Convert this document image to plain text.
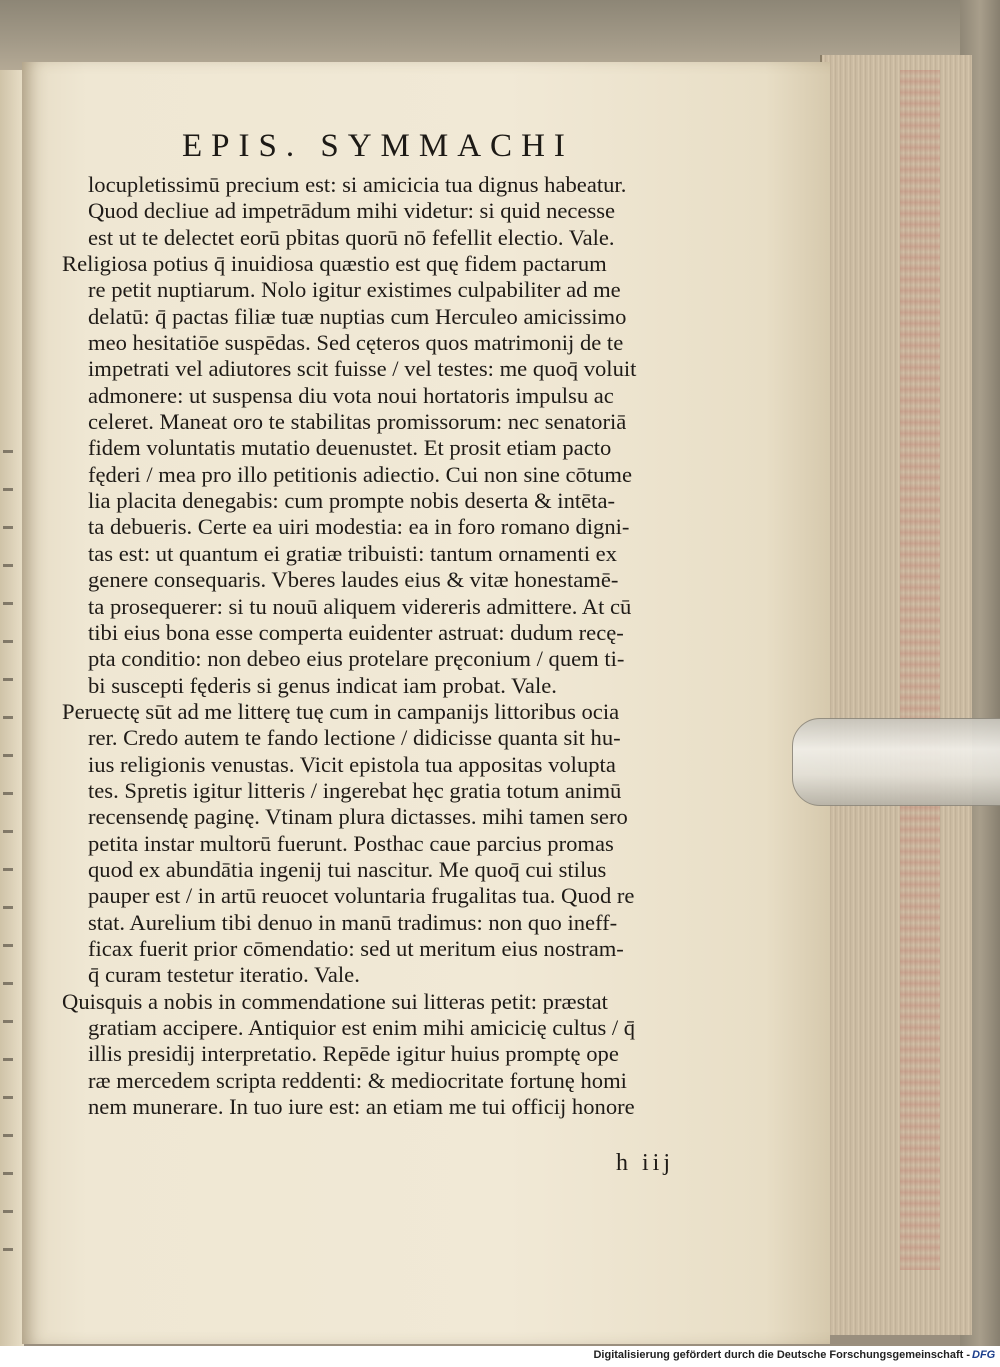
EPIS. SYMMACHI
locupletissimū precium est: si amicicia tua dignus habeatur.
Quod decliue ad impetrādum mihi videtur: si quid necesse
est ut te delectet eorū pbitas quorū nō fefellit electio. Vale.
Religiosa potius q̄ inuidiosa quæstio est quę fidem pactarum
re petit nuptiarum. Nolo igitur existimes culpabiliter ad me
delatū: q̄ pactas filiæ tuæ nuptias cum Herculeo amicissimo
meo hesitatiōe suspēdas. Sed cęteros quos matrimonij de te
impetrati vel adiutores scit fuisse / vel testes: me quoq̄ voluit
admonere: ut suspensa diu vota noui hortatoris impulsu ac
celeret. Maneat oro te stabilitas promissorum: nec senatoriā
fidem voluntatis mutatio deuenustet. Et prosit etiam pacto
fęderi / mea pro illo petitionis adiectio. Cui non sine cōtume
lia placita denegabis: cum prompte nobis deserta & intēta-
ta debueris. Certe ea uiri modestia: ea in foro romano digni-
tas est: ut quantum ei gratiæ tribuisti: tantum ornamenti ex
genere consequaris. Vberes laudes eius & vitæ honestamē-
ta prosequerer: si tu nouū aliquem videreris admittere. At cū
tibi eius bona esse comperta euidenter astruat: dudum recę-
pta conditio: non debeo eius protelare pręconium / quem ti-
bi suscepti fęderis si genus indicat iam probat. Vale.
Peruectę sūt ad me litterę tuę cum in campanijs littoribus ocia
rer. Credo autem te fando lectione / didicisse quanta sit hu-
ius religionis venustas. Vicit epistola tua appositas volupta
tes. Spretis igitur litteris / ingerebat hęc gratia totum animū
recensendę paginę. Vtinam plura dictasses. mihi tamen sero
petita instar multorū fuerunt. Posthac caue parcius promas
quod ex abundātia ingenij tui nascitur. Me quoq̄ cui stilus
pauper est / in artū reuocet voluntaria frugalitas tua. Quod re
stat. Aurelium tibi denuo in manū tradimus: non quo ineff-
ficax fuerit prior cōmendatio: sed ut meritum eius nostram-
q̄ curam testetur iteratio. Vale.
Quisquis a nobis in commendatione sui litteras petit: præstat
gratiam accipere. Antiquior est enim mihi amicicię cultus / q̄
illis presidij interpretatio. Repēde igitur huius promptę ope
ræ mercedem scripta reddenti: & mediocritate fortunę homi
nem munerare. In tuo iure est: an etiam me tui officij honore
h iij
Digitalisierung gefördert durch die Deutsche Forschungsgemeinschaft - DFG
